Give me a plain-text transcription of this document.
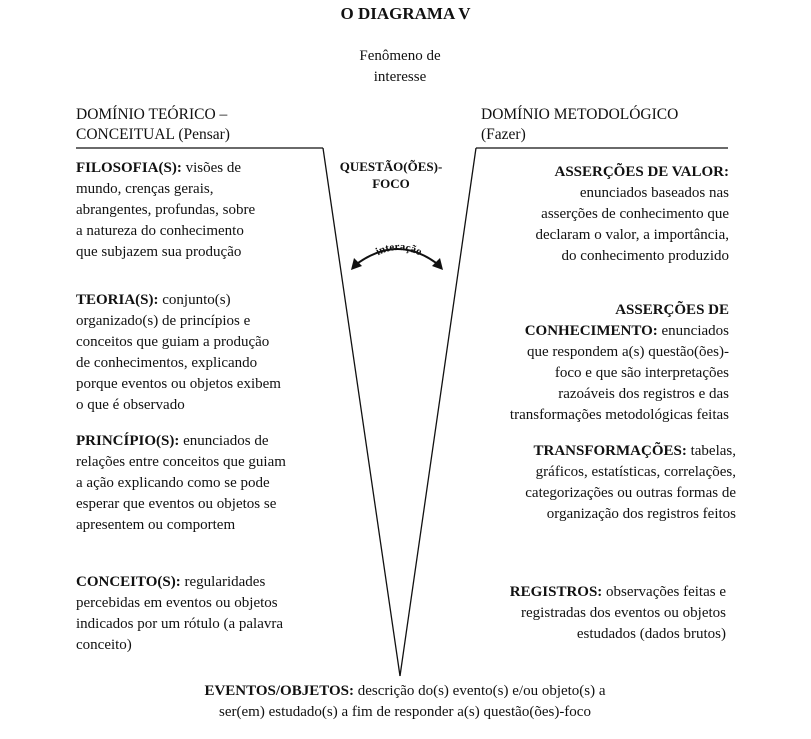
interação
O DIAGRAMA V
Fenômeno de
interesse
DOMÍNIO TEÓRICO –
CONCEITUAL (Pensar)
DOMÍNIO METODOLÓGICO
(Fazer)
QUESTÃO(ÕES)-
FOCO
FILOSOFIA(S): visões de
mundo, crenças gerais,
abrangentes, profundas, sobre
a natureza do conhecimento
que subjazem sua produção
TEORIA(S): conjunto(s)
organizado(s) de princípios e
conceitos que guiam a produção
de conhecimentos, explicando
porque eventos ou objetos exibem
o que é observado
PRINCÍPIO(S): enunciados de
relações entre conceitos que guiam
a ação explicando como se pode
esperar que eventos ou objetos se
apresentem ou comportem
CONCEITO(S): regularidades
percebidas em eventos ou objetos
indicados por um rótulo (a palavra
conceito)
ASSERÇÕES DE VALOR:
enunciados baseados nas
asserções de conhecimento que
declaram o valor, a importância,
do conhecimento produzido
ASSERÇÕES DE
CONHECIMENTO: enunciados
que respondem a(s) questão(ões)-
foco e que são interpretações
razoáveis dos registros e das
transformações metodológicas feitas
TRANSFORMAÇÕES: tabelas,
gráficos, estatísticas, correlações,
categorizações ou outras formas de
organização dos registros feitos
REGISTROS: observações feitas e
registradas dos eventos ou objetos
estudados (dados brutos)
EVENTOS/OBJETOS: descrição do(s) evento(s) e/ou objeto(s) a
ser(em) estudado(s) a fim de responder a(s) questão(ões)-foco
